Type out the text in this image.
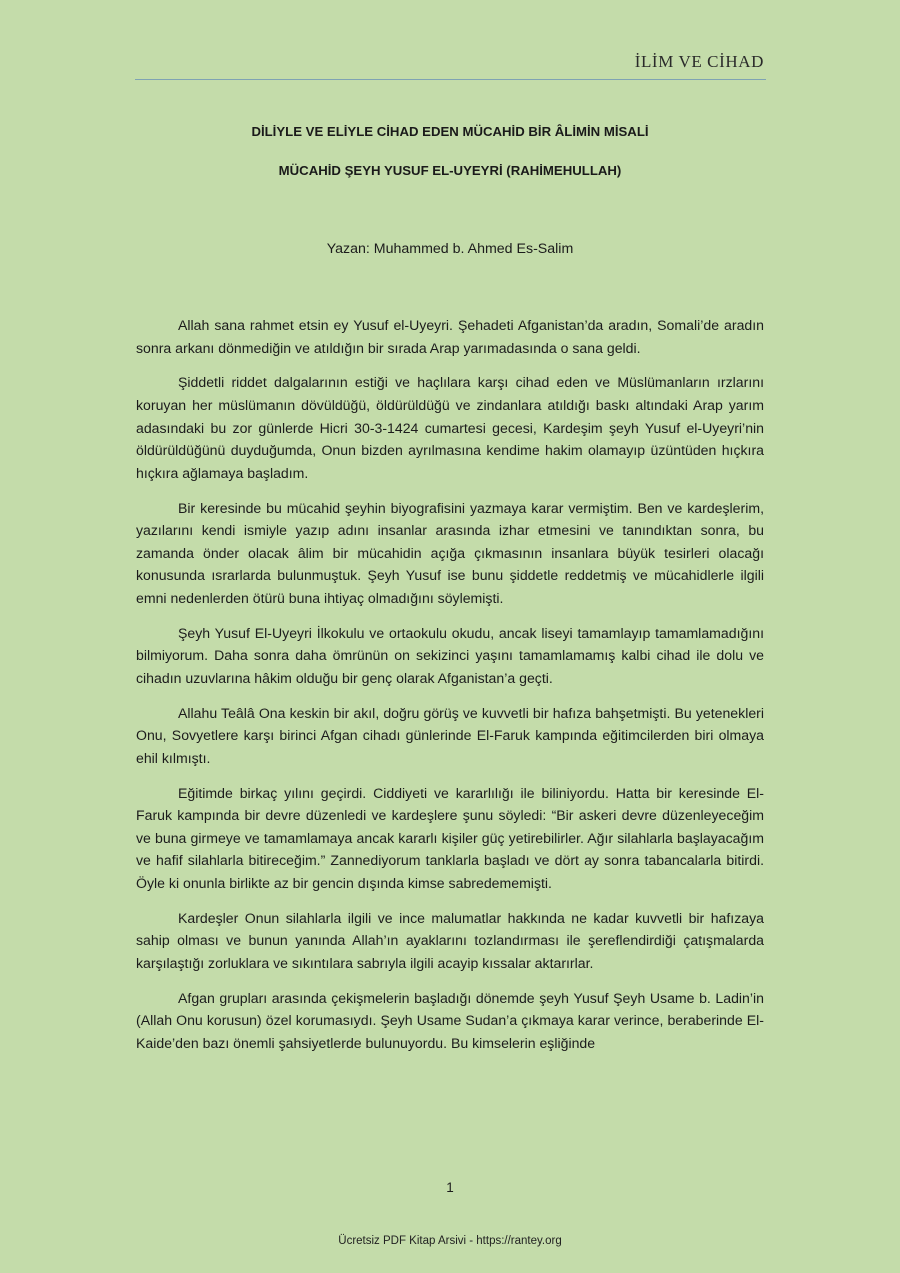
İLİM VE CİHAD
DİLİYLE VE ELİYLE CİHAD EDEN MÜCAHİD BİR ÂLİMİN MİSALİ
MÜCAHİD ŞEYH YUSUF EL-UYEYRİ (RAHİMEHULLAH)
Yazan: Muhammed b. Ahmed Es-Salim

Allah sana rahmet etsin ey Yusuf el-Uyeyri. Şehadeti Afganistan’da aradın, Somali’de aradın sonra arkanı dönmediğin ve atıldığın bir sırada Arap yarımadasında o sana geldi.

Şiddetli riddet dalgalarının estiği ve haçlılara karşı cihad eden ve Müslümanların ırzlarını koruyan her müslümanın dövüldüğü, öldürüldüğü ve zindanlara atıldığı baskı altındaki Arap yarım adasındaki bu zor günlerde Hicri 30-3-1424 cumartesi gecesi, Kardeşim şeyh Yusuf el-Uyeyri’nin öldürüldüğünü duyduğumda, Onun bizden ayrılmasına kendime hakim olamayıp üzüntüden hıçkıra hıçkıra ağlamaya başladım.

Bir keresinde bu mücahid şeyhin biyografisini yazmaya karar vermiştim. Ben ve kardeşlerim, yazılarını kendi ismiyle yazıp adını insanlar arasında izhar etmesini ve tanındıktan sonra, bu zamanda önder olacak âlim bir mücahidin açığa çıkmasının insanlara büyük tesirleri olacağı konusunda ısrarlarda bulunmuştuk. Şeyh Yusuf ise bunu şiddetle reddetmiş ve mücahidlerle ilgili emni nedenlerden ötürü buna ihtiyaç olmadığını söylemişti.

Şeyh Yusuf El-Uyeyri İlkokulu ve ortaokulu okudu, ancak liseyi tamamlayıp tamamlamadığını bilmiyorum. Daha sonra daha ömrünün on sekizinci yaşını tamamlamamış kalbi cihad ile dolu ve cihadın uzuvlarına hâkim olduğu bir genç olarak Afganistan’a geçti.

Allahu Teâlâ Ona keskin bir akıl, doğru görüş ve kuvvetli bir hafıza bahşetmişti. Bu yetenekleri Onu, Sovyetlere karşı birinci Afgan cihadı günlerinde El-Faruk kampında eğitimcilerden biri olmaya ehil kılmıştı.

Eğitimde birkaç yılını geçirdi. Ciddiyeti ve kararlılığı ile biliniyordu. Hatta bir keresinde El-Faruk kampında bir devre düzenledi ve kardeşlere şunu söyledi: “Bir askeri devre düzenleyeceğim ve buna girmeye ve tamamlamaya ancak kararlı kişiler güç yetirebilirler. Ağır silahlarla başlayacağım ve hafif silahlarla bitireceğim.” Zannediyorum tanklarla başladı ve dört ay sonra tabancalarla bitirdi. Öyle ki onunla birlikte az bir gencin dışında kimse sabredememişti.

Kardeşler Onun silahlarla ilgili ve ince malumatlar hakkında ne kadar kuvvetli bir hafızaya sahip olması ve bunun yanında Allah’ın ayaklarını tozlandırması ile şereflendirdiği çatışmalarda karşılaştığı zorluklara ve sıkıntılara sabrıyla ilgili acayip kıssalar aktarırlar.

Afgan grupları arasında çekişmelerin başladığı dönemde şeyh Yusuf Şeyh Usame b. Ladin’in (Allah Onu korusun) özel korumasıydı. Şeyh Usame Sudan’a çıkmaya karar verince, beraberinde El-Kaide’den bazı önemli şahsiyetlerde bulunuyordu. Bu kimselerin eşliğinde

1
Ücretsiz PDF Kitap Arsivi - https://rantey.org
